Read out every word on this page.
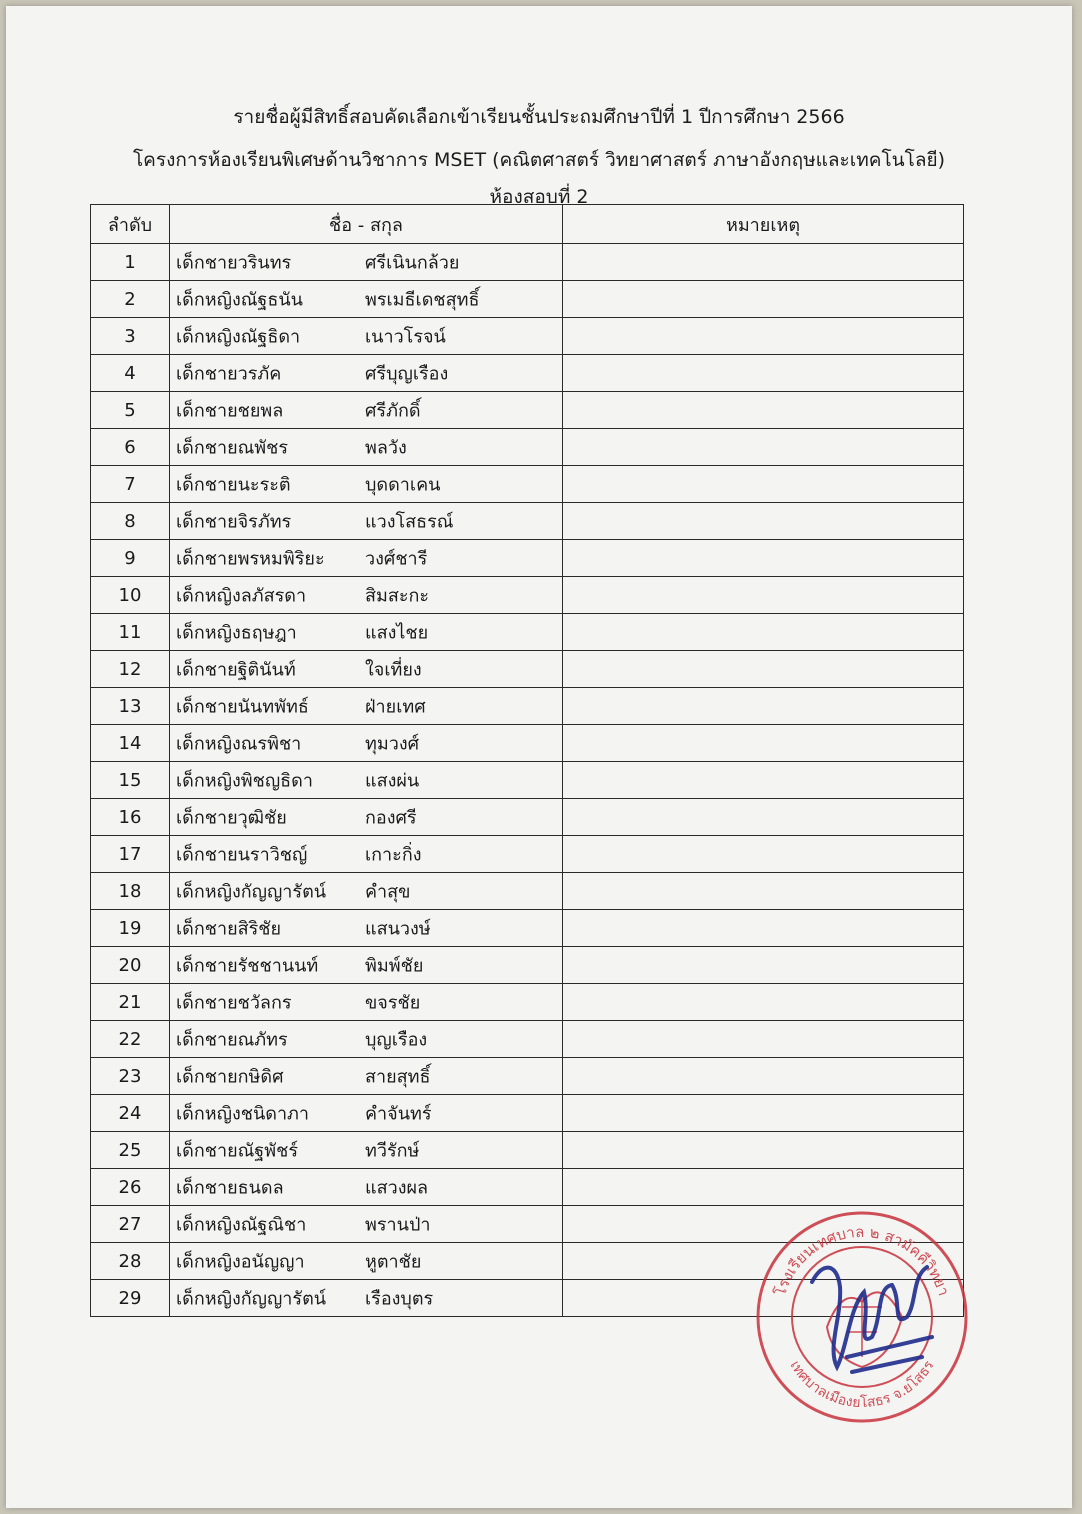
รายชื่อผู้มีสิทธิ์สอบคัดเลือกเข้าเรียนชั้นประถมศึกษาปีที่ 1 ปีการศึกษา 2566
โครงการห้องเรียนพิเศษด้านวิชาการ MSET (คณิตศาสตร์ วิทยาศาสตร์ ภาษาอังกฤษและเทคโนโลยี)
ห้องสอบที่ 2
ลำดับ	ชื่อ - สกุล	หมายเหตุ
1	เด็กชายวรินทร ศรีเนินกล้วย	

2	เด็กหญิงณัฐธนัน พรเมธีเดชสุทธิ์	

3	เด็กหญิงณัฐธิดา เนาวโรจน์	

4	เด็กชายวรภัค ศรีบุญเรือง	

5	เด็กชายชยพล ศรีภักดิ์	

6	เด็กชายณพัชร พลวัง	

7	เด็กชายนะระติ บุดดาเคน	

8	เด็กชายจิรภัทร แวงโสธรณ์	

9	เด็กชายพรหมพิริยะ วงศ์ชารี	

10	เด็กหญิงลภัสรดา สิมสะกะ	

11	เด็กหญิงธฤษฎา แสงไชย	

12	เด็กชายฐิตินันท์ ใจเที่ยง	

13	เด็กชายนันทพัทธ์ ฝ่ายเทศ	

14	เด็กหญิงณรพิชา ทุมวงศ์	

15	เด็กหญิงพิชญธิดา แสงผ่น	

16	เด็กชายวุฒิชัย กองศรี	

17	เด็กชายนราวิชญ์ เกาะกิ่ง	

18	เด็กหญิงกัญญารัตน์ คำสุข	

19	เด็กชายสิริชัย แสนวงษ์	

20	เด็กชายรัชชานนท์ พิมพ์ชัย	

21	เด็กชายชวัลกร ขจรชัย	

22	เด็กชายณภัทร บุญเรือง	

23	เด็กชายกษิดิศ สายสุทธิ์	

24	เด็กหญิงชนิดาภา คำจันทร์	

25	เด็กชายณัฐพัชร์ ทวีรักษ์	

26	เด็กชายธนดล แสวงผล	

27	เด็กหญิงณัฐณิชา พรานป่า	

28	เด็กหญิงอนัญญา หูตาชัย	

29	เด็กหญิงกัญญารัตน์ เรืองบุตร	
		โรงเรียนเทศบาล ๒ สามัคคีวิทยา
เทศบาลเมืองยโสธร จ.ยโสธร
